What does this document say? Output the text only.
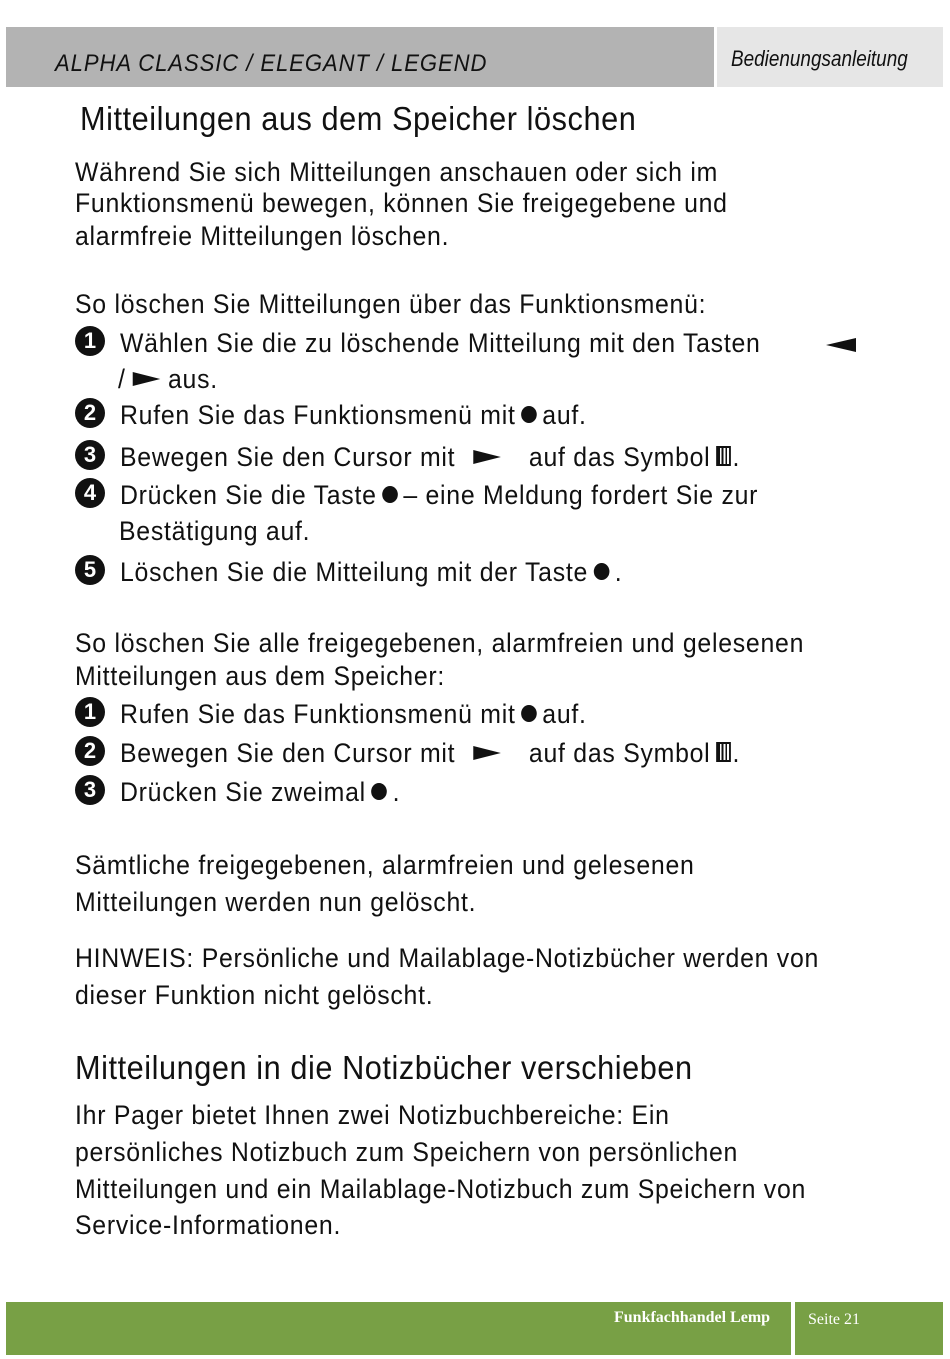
ALPHA CLASSIC / ELEGANT / LEGEND	Bedienungsanleitung
Mitteilungen aus dem Speicher löschen
Während Sie sich Mitteilungen anschauen oder sich im
Funktionsmenü bewegen, können Sie freigegebene und
alarmfreie Mitteilungen löschen.
So löschen Sie Mitteilungen über das Funktionsmenü:
1 Wählen Sie die zu löschende Mitteilung mit den Tasten
/ aus.
2 Rufen Sie das Funktionsmenü mit auf.
3 Bewegen Sie den Cursor mit	auf das Symbol .
4 Drücken Sie die Taste – eine Meldung fordert Sie zur
Bestätigung auf.
5 Löschen Sie die Mitteilung mit der Taste .
So löschen Sie alle freigegebenen, alarmfreien und gelesenen
Mitteilungen aus dem Speicher:
1 Rufen Sie das Funktionsmenü mit auf.
2 Bewegen Sie den Cursor mit	auf das Symbol .
3 Drücken Sie zweimal .
Sämtliche freigegebenen, alarmfreien und gelesenen
Mitteilungen werden nun gelöscht.
HINWEIS: Persönliche und Mailablage-Notizbücher werden von
dieser Funktion nicht gelöscht.
Mitteilungen in die Notizbücher verschieben
Ihr Pager bietet Ihnen zwei Notizbuchbereiche: Ein
persönliches Notizbuch zum Speichern von persönlichen
Mitteilungen und ein Mailablage-Notizbuch zum Speichern von
Service-Informationen.
Funkfachhandel Lemp Seite 21
